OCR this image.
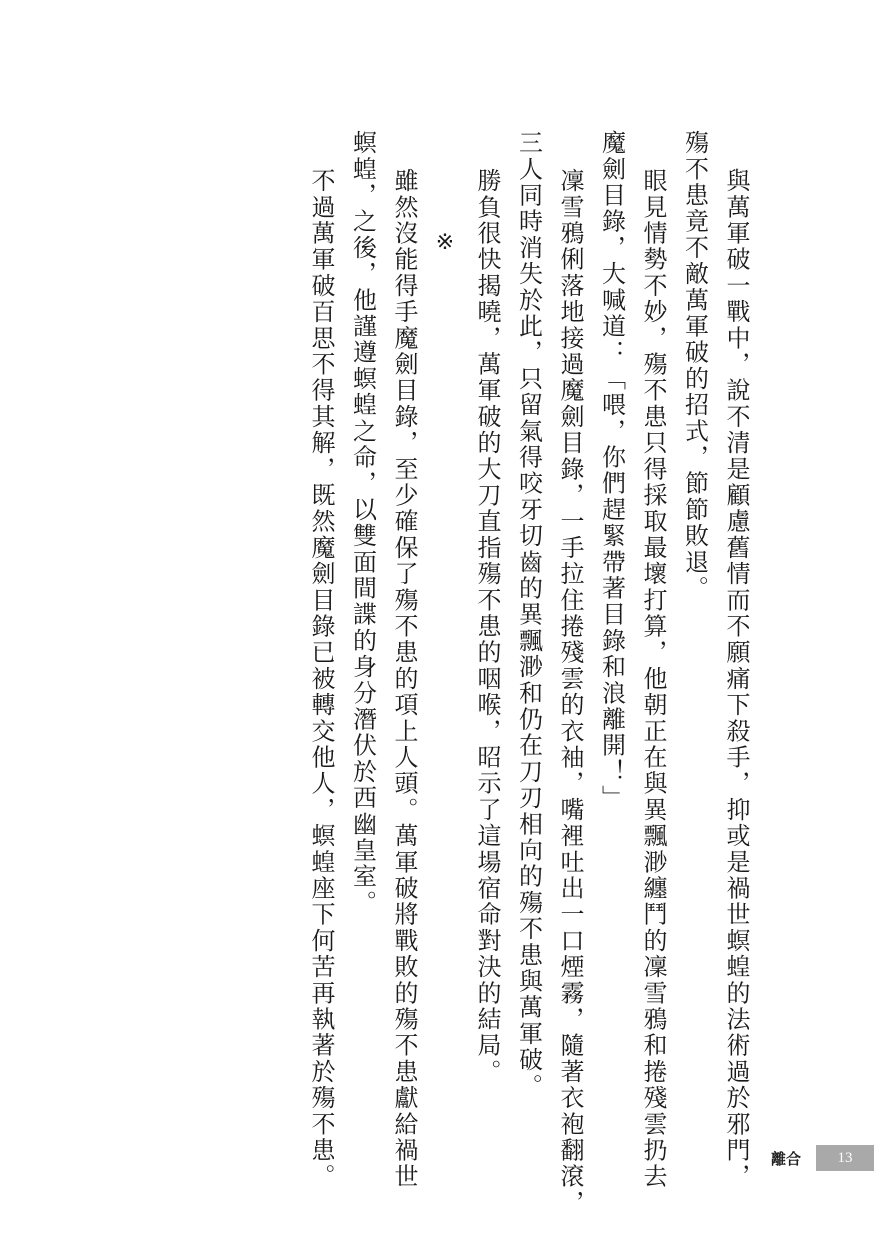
與萬軍破一戰中，說不清是顧慮舊情而不願痛下殺手，抑或是禍世螟蝗的法術過於邪門，
殤不患竟不敵萬軍破的招式，節節敗退。
眼見情勢不妙，殤不患只得採取最壞打算，他朝正在與異飄渺纏鬥的凜雪鴉和捲殘雲扔去
魔劍目錄，大喊道：「喂，你們趕緊帶著目錄和浪離開！」
凜雪鴉俐落地接過魔劍目錄，一手拉住捲殘雲的衣袖，嘴裡吐出一口煙霧，隨著衣袍翻滾，
三人同時消失於此，只留氣得咬牙切齒的異飄渺和仍在刀刃相向的殤不患與萬軍破。
勝負很快揭曉，萬軍破的大刀直指殤不患的咽喉，昭示了這場宿命對決的結局。
※
雖然沒能得手魔劍目錄，至少確保了殤不患的項上人頭。萬軍破將戰敗的殤不患獻給禍世
螟蝗，之後，他謹遵螟蝗之命，以雙面間諜的身分潛伏於西幽皇室。
不過萬軍破百思不得其解，既然魔劍目錄已被轉交他人，螟蝗座下何苦再執著於殤不患。	離合	13
